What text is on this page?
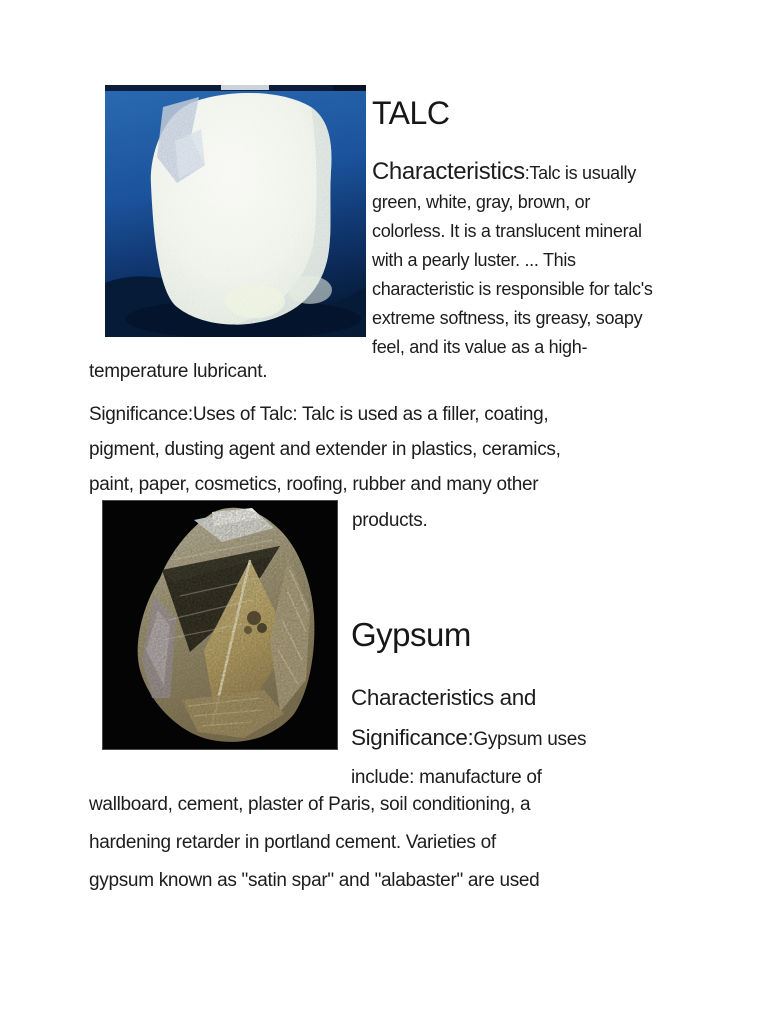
TALC
Characteristics:Talc is usually
green, white, gray, brown, or
colorless. It is a translucent mineral
with a pearly luster. ... This
characteristic is responsible for talc's
extreme softness, its greasy, soapy
feel, and its value as a high-
temperature lubricant.
Significance:Uses of Talc: Talc is used as a filler, coating,
pigment, dusting agent and extender in plastics, ceramics,
paint, paper, cosmetics, roofing, rubber and many other
products.
Gypsum
Characteristics and
Significance:Gypsum uses
include: manufacture of
wallboard, cement, plaster of Paris, soil conditioning, a
hardening retarder in portland cement. Varieties of
gypsum known as "satin spar" and "alabaster" are used
